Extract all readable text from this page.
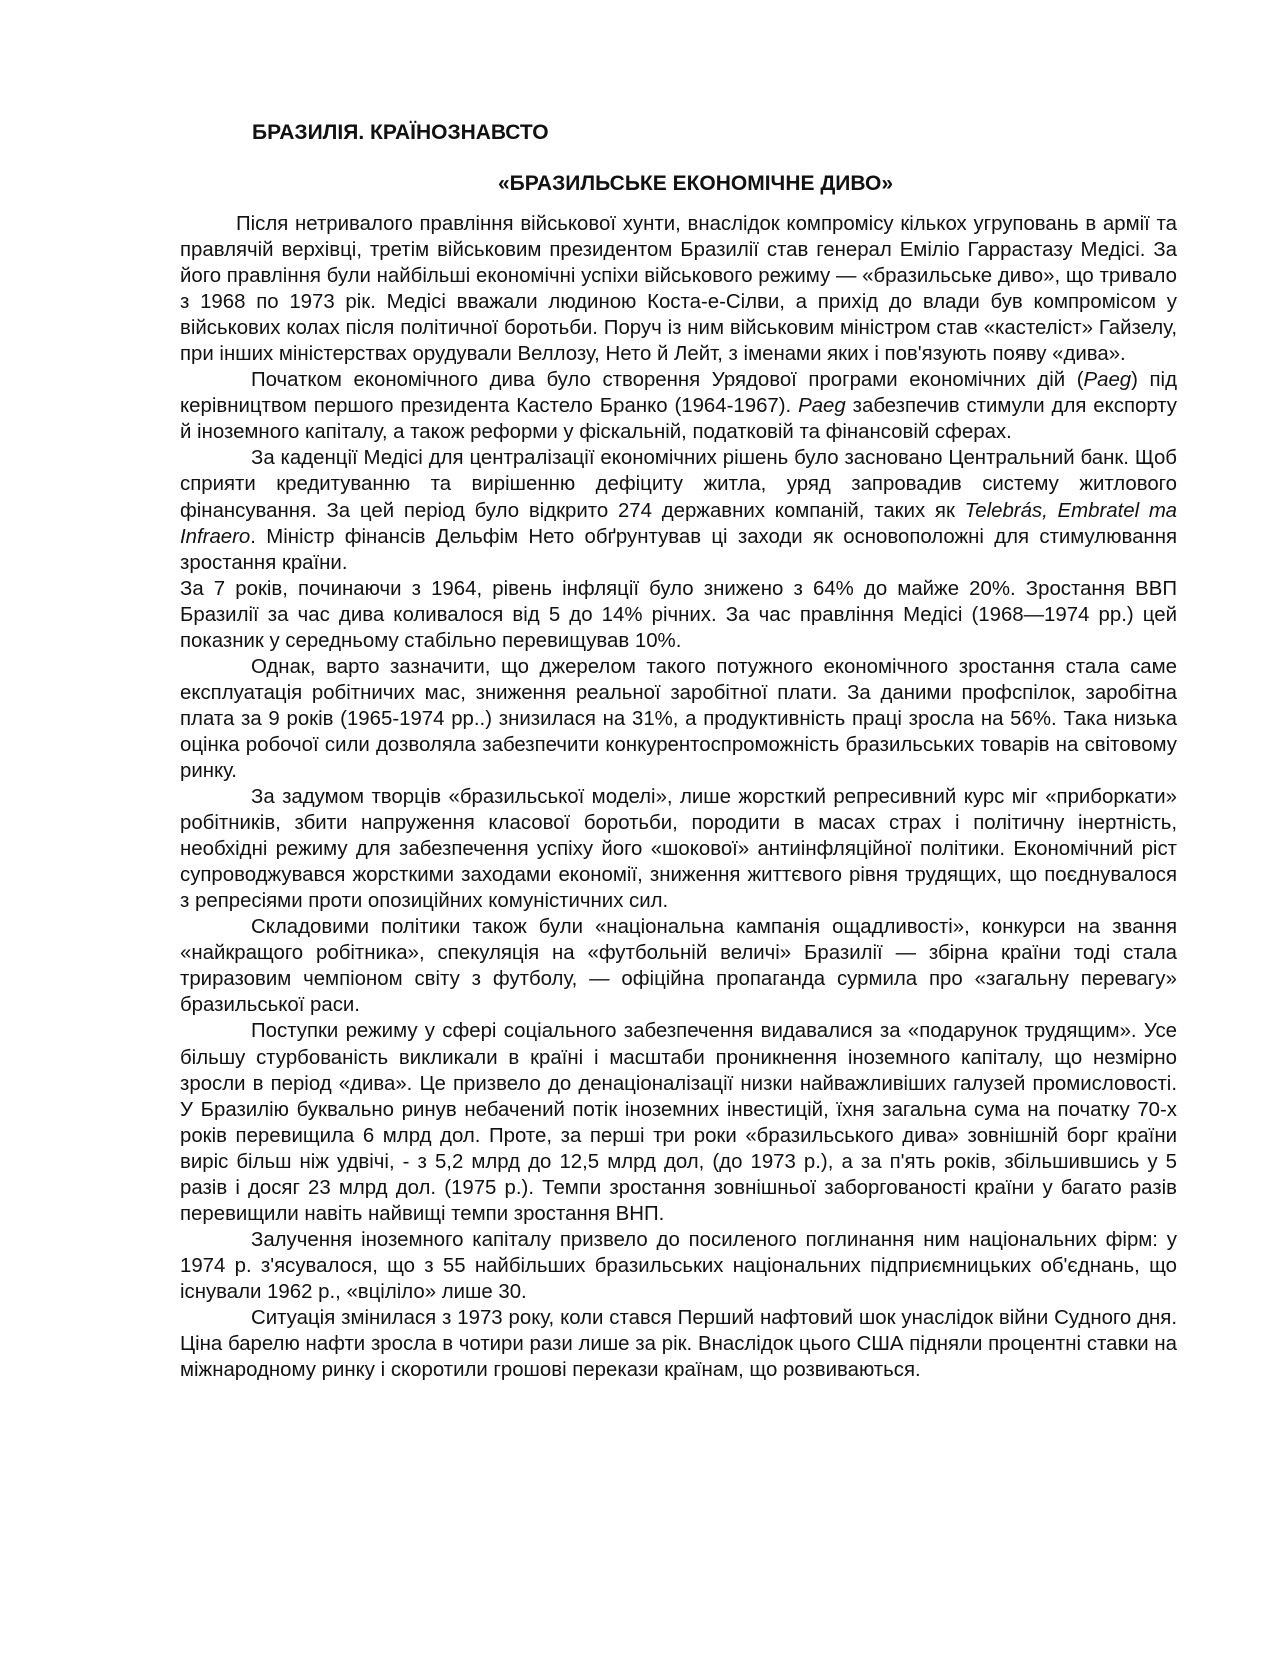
БРАЗИЛІЯ. КРАЇНОЗНАВСТО
«БРАЗИЛЬСЬКЕ ЕКОНОМІЧНЕ ДИВО»

Після нетривалого правління військової хунти, внаслідок компромісу кількох угруповань в армії та правлячій верхівці, третім військовим президентом Бразилії став генерал Еміліо Гаррастазу Медісі. За його правління були найбільші економічні успіхи військового режиму — «бразильське диво», що тривало з 1968 по 1973 рік. Медісі вважали людиною Коста-е-Сілви, а прихід до влади був компромісом у військових колах після політичної боротьби. Поруч із ним військовим міністром став «кастеліст» Гайзелу, при інших міністерствах орудували Веллозу, Нето й Лейт, з іменами яких і пов'язують появу «дива».

Початком економічного дива було створення Урядової програми економічних дій (Paeg) під керівництвом першого президента Кастело Бранко (1964-1967). Paeg забезпечив стимули для експорту й іноземного капіталу, а також реформи у фіскальній, податковій та фінансовій сферах.

За каденції Медісі для централізації економічних рішень було засновано Центральний банк. Щоб сприяти кредитуванню та вирішенню дефіциту житла, уряд запровадив систему житлового фінансування. За цей період було відкрито 274 державних компаній, таких як Telebrás, Embratel та Infraero. Міністр фінансів Дельфім Нето обґрунтував ці заходи як основоположні для стимулювання зростання країни.

За 7 років, починаючи з 1964, рівень інфляції було знижено з 64% до майже 20%. Зростання ВВП Бразилії за час дива коливалося від 5 до 14% річних. За час правління Медісі (1968—1974 рр.) цей показник у середньому стабільно перевищував 10%.

Однак, варто зазначити, що джерелом такого потужного економічного зростання стала саме експлуатація робітничих мас, зниження реальної заробітної плати. За даними профспілок, заробітна плата за 9 років (1965-1974 рр..) знизилася на 31%, а продуктивність праці зросла на 56%. Така низька оцінка робочої сили дозволяла забезпечити конкурентоспроможність бразильських товарів на світовому ринку.

За задумом творців «бразильської моделі», лише жорсткий репресивний курс міг «приборкати» робітників, збити напруження класової боротьби, породити в масах страх і політичну інертність, необхідні режиму для забезпечення успіху його «шокової» антиінфляційної політики. Економічний ріст супроводжувався жорсткими заходами економії, зниження життєвого рівня трудящих, що поєднувалося з репресіями проти опозиційних комуністичних сил.

Складовими політики також були «національна кампанія ощадливості», конкурси на звання «найкращого робітника», спекуляція на «футбольній величі» Бразилії — збірна країни тоді стала триразовим чемпіоном світу з футболу, — офіційна пропаганда сурмила про «загальну перевагу» бразильської раси.

Поступки режиму у сфері соціального забезпечення видавалися за «подарунок трудящим». Усе більшу стурбованість викликали в країні і масштаби проникнення іноземного капіталу, що незмірно зросли в період «дива». Це призвело до денаціоналізації низки найважливіших галузей промисловості. У Бразилію буквально ринув небачений потік іноземних інвестицій, їхня загальна сума на початку 70-х років перевищила 6 млрд дол. Проте, за перші три роки «бразильського дива» зовнішній борг країни виріс більш ніж удвічі, - з 5,2 млрд до 12,5 млрд дол, (до 1973 р.), а за п'ять років, збільшившись у 5 разів і досяг 23 млрд дол. (1975 р.). Темпи зростання зовнішньої заборгованості країни у багато разів перевищили навіть найвищі темпи зростання ВНП.

Залучення іноземного капіталу призвело до посиленого поглинання ним національних фірм: у 1974 р. з'ясувалося, що з 55 найбільших бразильських національних підприємницьких об'єднань, що існували 1962 р., «вціліло» лише 30.

Ситуація змінилася з 1973 року, коли стався Перший нафтовий шок унаслідок війни Судного дня. Ціна барелю нафти зросла в чотири рази лише за рік. Внаслідок цього США підняли процентні ставки на міжнародному ринку і скоротили грошові перекази країнам, що розвиваються.
